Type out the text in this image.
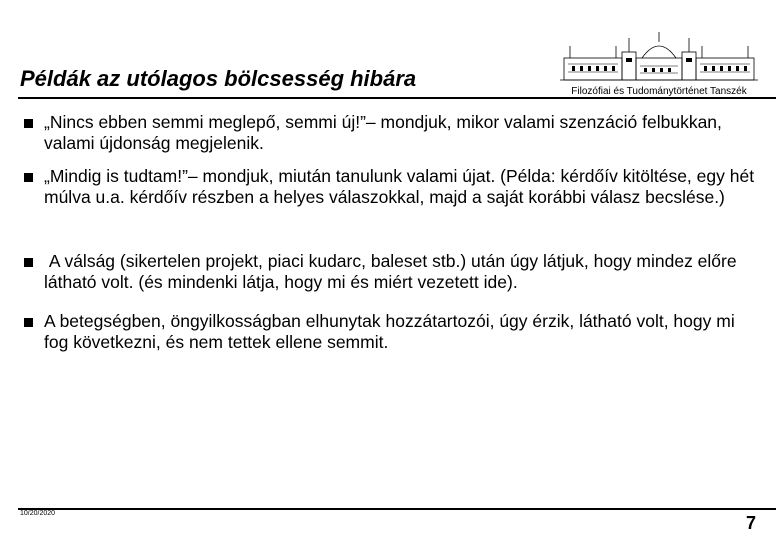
Példák az utólagos bölcsesség hibára
Filozófiai és Tudománytörténet Tanszék
„Nincs ebben semmi meglepő, semmi új!”– mondjuk, mikor valami szenzáció felbukkan, valami újdonság megjelenik.
„Mindig is tudtam!”– mondjuk, miután tanulunk valami újat. (Példa: kérdőív kitöltése, egy hét múlva u.a. kérdőív részben a helyes válaszokkal, majd a saját korábbi válasz becslése.)
A válság (sikertelen projekt, piaci kudarc, baleset stb.) után úgy látjuk, hogy mindez előre látható volt. (és mindenki látja, hogy mi és miért vezetett ide).
A betegségben, öngyilkosságban elhunytak hozzátartozói, úgy érzik, látható volt, hogy mi fog következni, és nem tettek ellene semmit.
10/20/2020	7
